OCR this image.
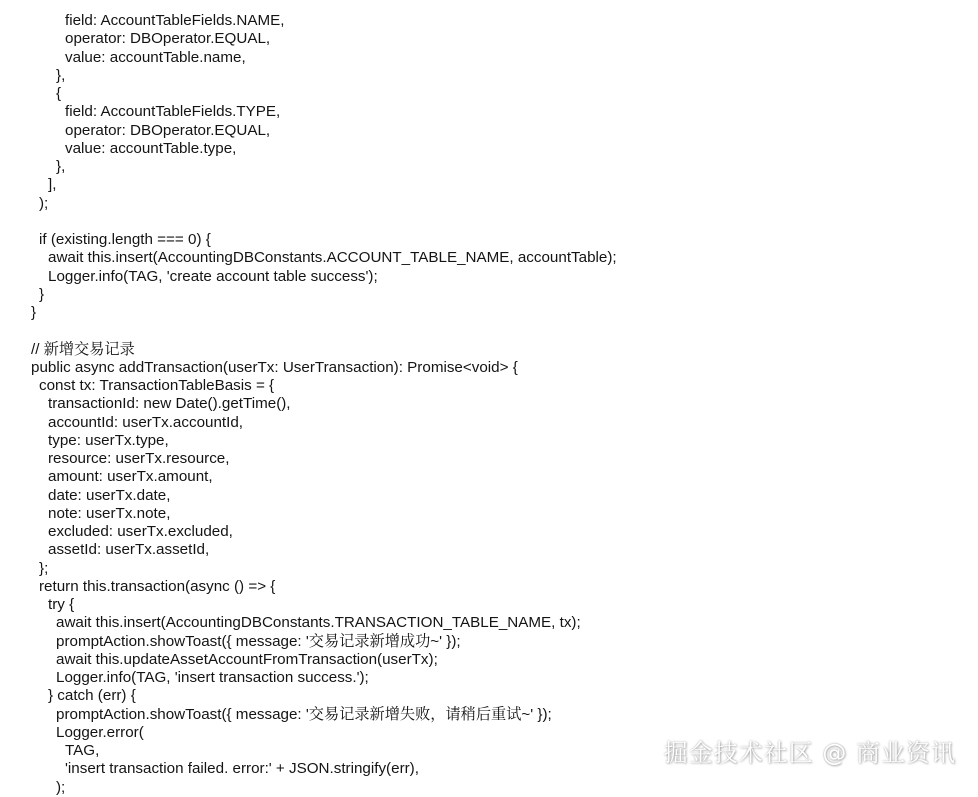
field: AccountTableFields.NAME,
operator: DBOperator.EQUAL,
value: accountTable.name,
},
{
field: AccountTableFields.TYPE,
operator: DBOperator.EQUAL,
value: accountTable.type,
},
],
);
if (existing.length === 0) {
await this.insert(AccountingDBConstants.ACCOUNT_TABLE_NAME, accountTable);
Logger.info(TAG, 'create account table success');
}
}
// 新增交易记录
public async addTransaction(userTx: UserTransaction): Promise<void> {
const tx: TransactionTableBasis = {
transactionId: new Date().getTime(),
accountId: userTx.accountId,
type: userTx.type,
resource: userTx.resource,
amount: userTx.amount,
date: userTx.date,
note: userTx.note,
excluded: userTx.excluded,
assetId: userTx.assetId,
};
return this.transaction(async () => {
try {
await this.insert(AccountingDBConstants.TRANSACTION_TABLE_NAME, tx);
promptAction.showToast({ message: '交易记录新增成功~' });
await this.updateAssetAccountFromTransaction(userTx);
Logger.info(TAG, 'insert transaction success.');
} catch (err) {
promptAction.showToast({ message: '交易记录新增失败，请稍后重试~' });
Logger.error(
TAG,
'insert transaction failed. error:' + JSON.stringify(err),
);
掘金技术社区 @ 商业资讯
